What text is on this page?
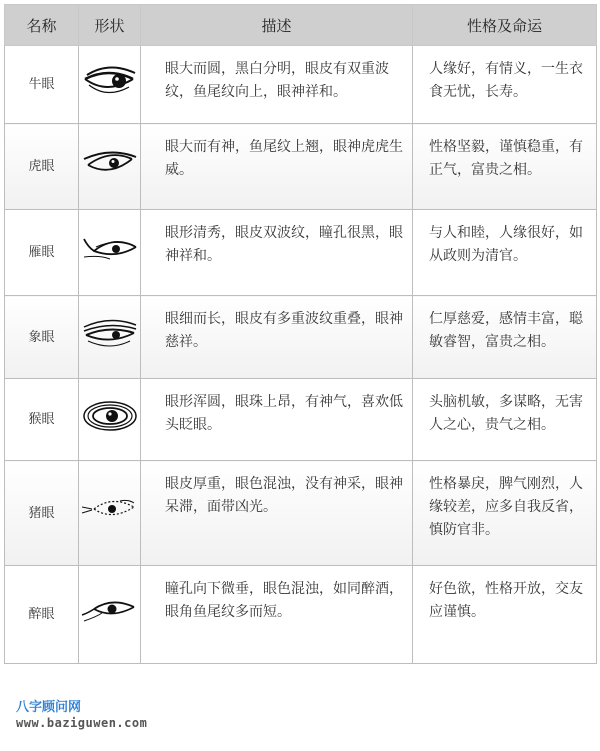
名称	形状	描述	性格及命运
牛眼		眼大而圆，黑白分明，眼皮有双重波纹，鱼尾纹向上，眼神祥和。	人缘好，有情义，一生衣食无忧，长寿。
虎眼		眼大而有神，鱼尾纹上翘，眼神虎虎生威。	性格坚毅，谨慎稳重，有正气，富贵之相。
雁眼		眼形清秀，眼皮双波纹，瞳孔很黑，眼神祥和。	与人和睦，人缘很好，如从政则为清官。
象眼		眼细而长，眼皮有多重波纹重叠，眼神慈祥。	仁厚慈爱，感情丰富，聪敏睿智，富贵之相。
猴眼		眼形浑圆，眼珠上昂，有神气，喜欢低头眨眼。	头脑机敏，多谋略，无害人之心，贵气之相。
猪眼		眼皮厚重，眼色混浊，没有神采，眼神呆滞，面带凶光。	性格暴戾，脾气刚烈，人缘较差，应多自我反省，慎防官非。
醉眼		瞳孔向下微垂，眼色混浊，如同醉酒，眼角鱼尾纹多而短。	好色欲，性格开放，交友应谨慎。
八字顾问网
www.baziguwen.com
